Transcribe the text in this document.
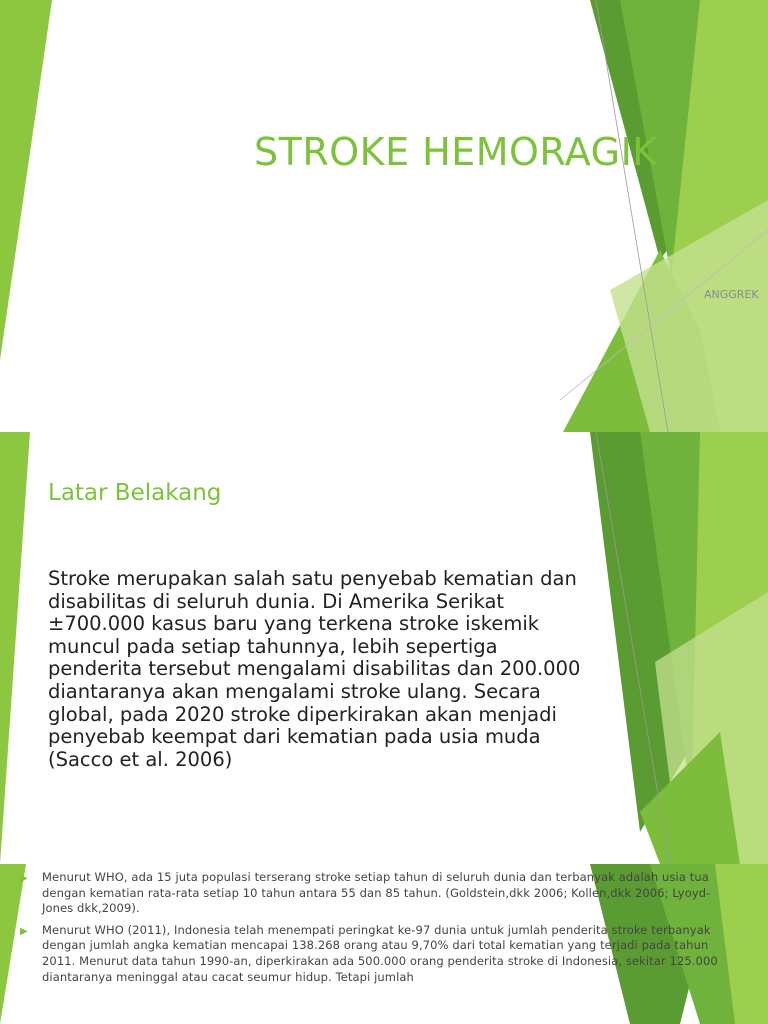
STROKE HEMORAGIK
ANGGREK
Latar Belakang
Stroke merupakan salah satu penyebab kematian dan disabilitas di seluruh dunia. Di Amerika Serikat ±700.000 kasus baru yang terkena stroke iskemik muncul pada setiap tahunnya, lebih sepertiga penderita tersebut mengalami disabilitas dan 200.000 diantaranya akan mengalami stroke ulang. Secara global, pada 2020 stroke diperkirakan akan menjadi penyebab keempat dari kematian pada usia muda (Sacco et al. 2006)
▶ Menurut WHO, ada 15 juta populasi terserang stroke setiap tahun di seluruh dunia dan terbanyak adalah usia tua dengan kematian rata-rata setiap 10 tahun antara 55 dan 85 tahun. (Goldstein,dkk 2006; Kollen,dkk 2006; Lyoyd-Jones dkk,2009).
▶ Menurut WHO (2011), Indonesia telah menempati peringkat ke-97 dunia untuk jumlah penderita stroke terbanyak dengan jumlah angka kematian mencapai 138.268 orang atau 9,70% dari total kematian yang terjadi pada tahun 2011. Menurut data tahun 1990-an, diperkirakan ada 500.000 orang penderita stroke di Indonesia, sekitar 125.000 diantaranya meninggal atau cacat seumur hidup. Tetapi jumlah
